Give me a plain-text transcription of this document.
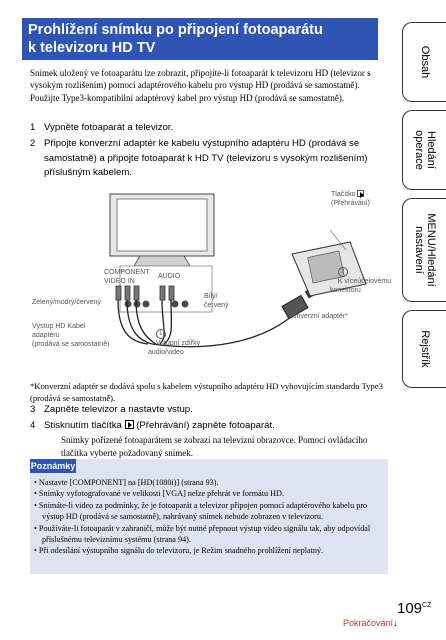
Prohlížení snímku po připojení fotoaparátu
k televizoru HD TV
Snímek uložený ve fotoaparátu lze zobrazit, připojíte-li fotoaparát k televizoru HD (televizor s vysokým rozlišením) pomocí adaptérového kabelu pro výstup HD (prodává se samostatně). Použijte Type3-kompatibilní adaptérový kabel pro výstup HD (prodává se samostatně).
1 Vypněte fotoaparát a televizor.
2 Připojte konverzní adaptér ke kabelu výstupního adaptéru HD (prodává se samostatně) a připojte fotoaparát k HD TV (televizoru s vysokým rozlišením) příslušným kabelem.
COMPONENT
VIDEO IN
AUDIO
Zelený/modrý/červený
Bílý/
červený
Výstup HD Kabel
adaptéru
(prodává se samostatně)

1
Vstupní zdířky
audio/video

Tlačítko
(Přehrávání)

2
K víceúčelovému
konektoru

Konverzní adaptér*
*Konverzní adaptér se dodává spolu s kabelem výstupního adaptéru HD vyhovujícím standardu Type3 (prodává se samostatně).
3 Zapněte televizor a nastavte vstup.
4 Stisknutím tlačítka (Přehrávání) zapněte fotoaparát.
Snímky pořízené fotoaparátem se zobrazí na televizní obrazovce. Pomocí ovládacího tlačítka vyberte požadovaný snímek.
Poznámky
• Nastavte [COMPONENT] na [HD(1080i)] (strana 93).
• Snímky vyfotografované ve velikosti [VGA] nelze přehrát ve formátu HD.
• Snímáte-li video za podmínky, že je fotoaparát a televizor připojen pomocí adaptérového kabelu pro výstup HD (prodává se samostatně), nahrávaný snímek nebude zobrazen v televizoru.
• Používáte-li fotoaparát v zahraničí, může být nutné přepnout výstup video signálu tak, aby odpovídal příslušnému televiznímu systému (strana 94).
• Při odesílání výstupního signálu do televizoru, je Režim snadného prohlížení neplatný.
Obsah
Hledání
operace
MENU/Hledání
nastavení
Rejstřík
$109^{CZ}$
Pokračování↓
